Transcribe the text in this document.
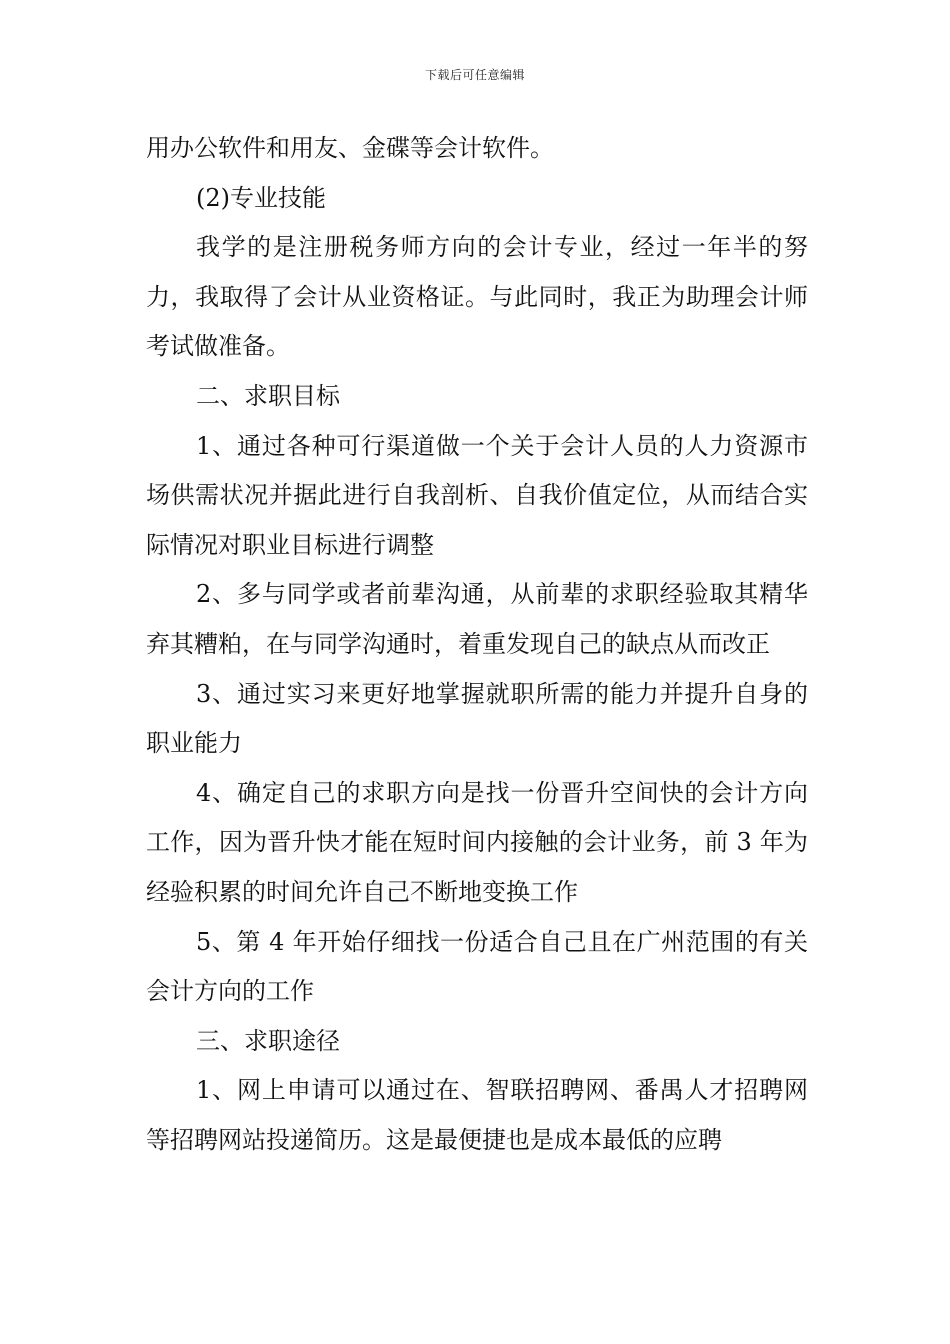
下载后可任意编辑

用办公软件和用友、金碟等会计软件。

(2)专业技能

我学的是注册税务师方向的会计专业，经过一年半的努力，我取得了会计从业资格证。与此同时，我正为助理会计师考试做准备。

二、求职目标

1、通过各种可行渠道做一个关于会计人员的人力资源市场供需状况并据此进行自我剖析、自我价值定位，从而结合实际情况对职业目标进行调整

2、多与同学或者前辈沟通，从前辈的求职经验取其精华弃其糟粕，在与同学沟通时，着重发现自己的缺点从而改正

3、通过实习来更好地掌握就职所需的能力并提升自身的职业能力

4、确定自己的求职方向是找一份晋升空间快的会计方向工作，因为晋升快才能在短时间内接触的会计业务，前 3 年为经验积累的时间允许自己不断地变换工作

5、第 4 年开始仔细找一份适合自己且在广州范围的有关会计方向的工作

三、求职途径

1、网上申请可以通过在、智联招聘网、番禺人才招聘网等招聘网站投递简历。这是最便捷也是成本最低的应聘
